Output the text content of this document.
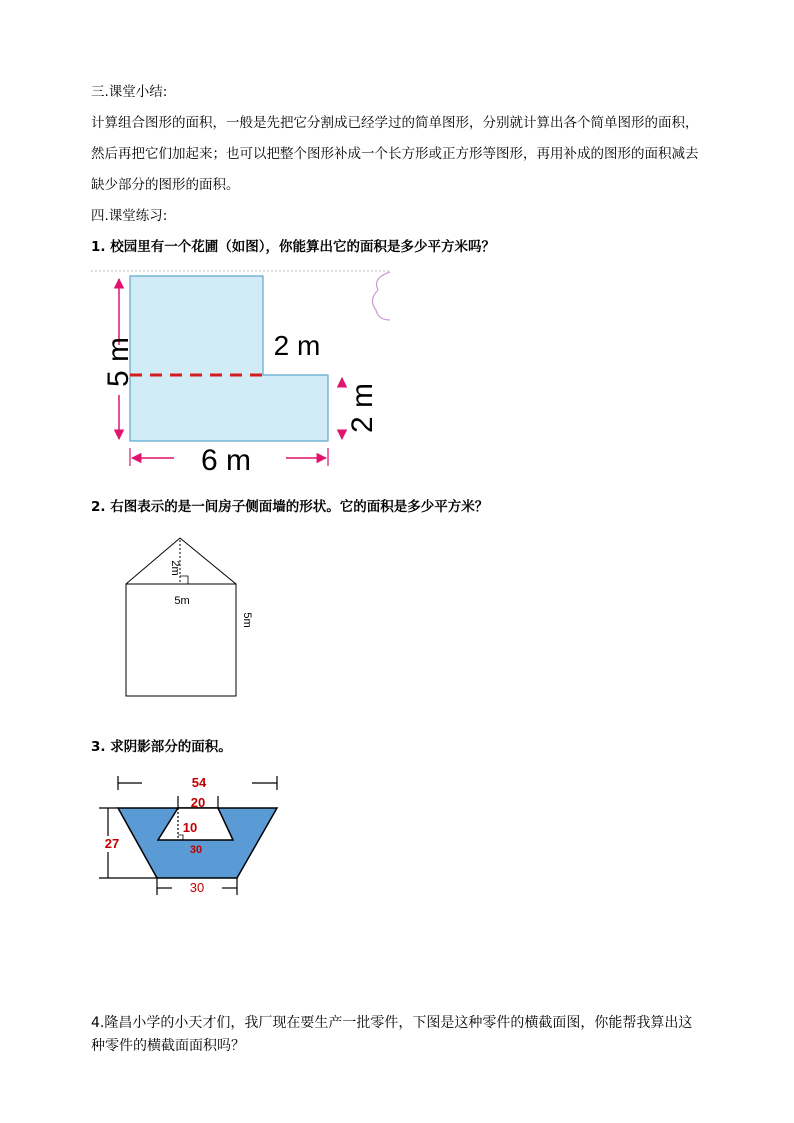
三.课堂小结:
计算组合图形的面积，一般是先把它分割成已经学过的简单图形，分别就计算出各个简单图形的面积，然后再把它们加起来；也可以把整个图形补成一个长方形或正方形等图形，再用补成的图形的面积减去缺少部分的图形的面积。
四.课堂练习:
1. 校园里有一个花圃（如图），你能算出它的面积是多少平方米吗？
5 m	2 m
2 m
6 m
2m
5m
5m
54
20
10
30
27
30
2. 右图表示的是一间房子侧面墙的形状。它的面积是多少平方米？
3. 求阴影部分的面积。
4.隆昌小学的小天才们，我厂现在要生产一批零件，下图是这种零件的横截面图，你能帮我算出这种零件的横截面面积吗？
